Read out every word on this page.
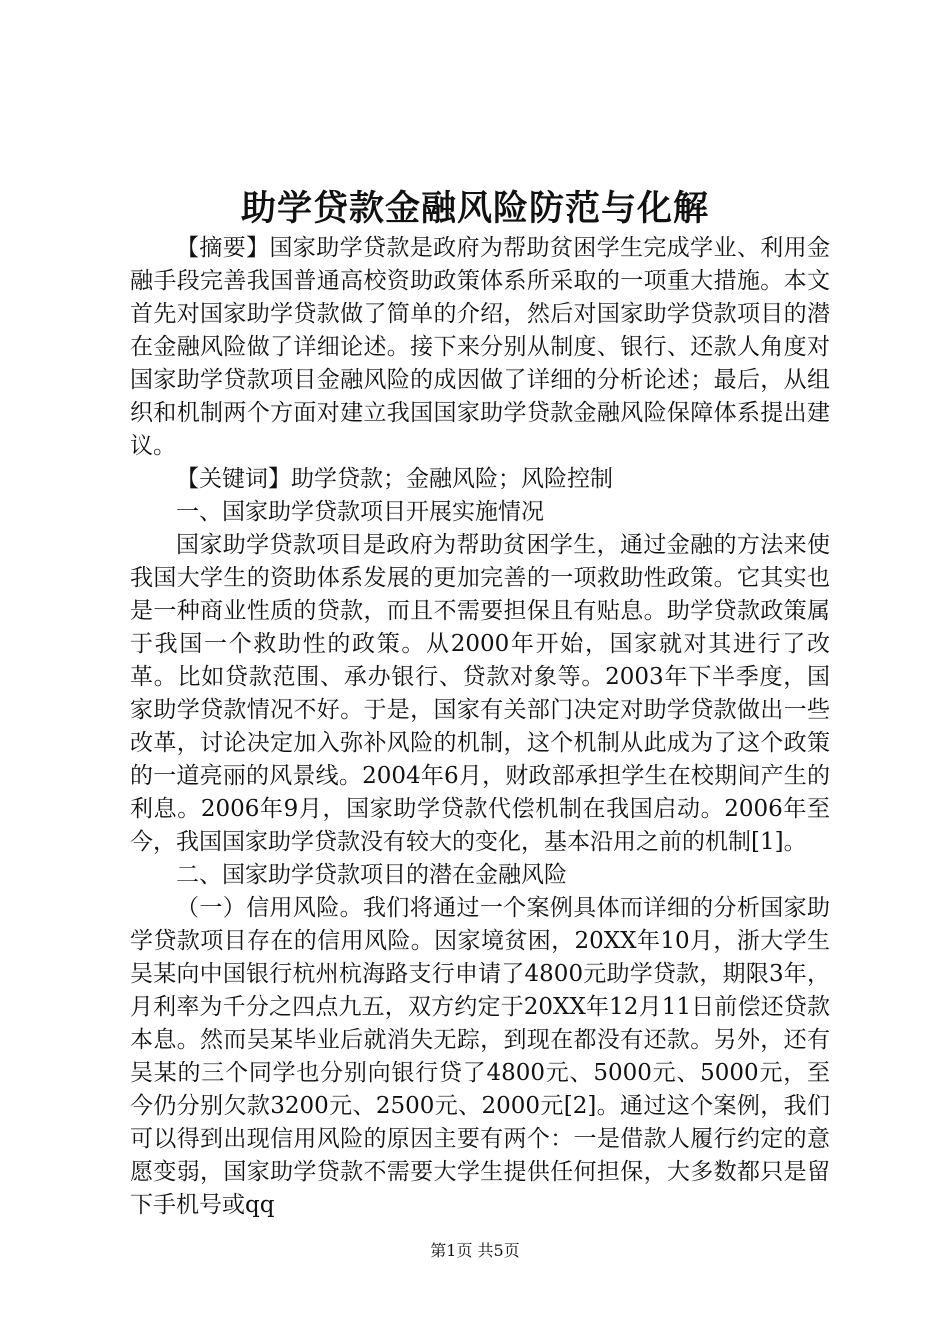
助学贷款金融风险防范与化解

【摘要】国家助学贷款是政府为帮助贫困学生完成学业、利用金融手段完善我国普通高校资助政策体系所采取的一项重大措施。本文首先对国家助学贷款做了简单的介绍，然后对国家助学贷款项目的潜在金融风险做了详细论述。接下来分别从制度、银行、还款人角度对国家助学贷款项目金融风险的成因做了详细的分析论述；最后，从组织和机制两个方面对建立我国国家助学贷款金融风险保障体系提出建议。

【关键词】助学贷款；金融风险；风险控制

一、国家助学贷款项目开展实施情况

国家助学贷款项目是政府为帮助贫困学生，通过金融的方法来使我国大学生的资助体系发展的更加完善的一项救助性政策。它其实也是一种商业性质的贷款，而且不需要担保且有贴息。助学贷款政策属于我国一个救助性的政策。从2000年开始，国家就对其进行了改革。比如贷款范围、承办银行、贷款对象等。2003年下半季度，国家助学贷款情况不好。于是，国家有关部门决定对助学贷款做出一些改革，讨论决定加入弥补风险的机制，这个机制从此成为了这个政策的一道亮丽的风景线。2004年6月，财政部承担学生在校期间产生的利息。2006年9月，国家助学贷款代偿机制在我国启动。2006年至今，我国国家助学贷款没有较大的变化，基本沿用之前的机制[1]。

二、国家助学贷款项目的潜在金融风险

（一）信用风险。我们将通过一个案例具体而详细的分析国家助学贷款项目存在的信用风险。因家境贫困，20XX年10月，浙大学生吴某向中国银行杭州杭海路支行申请了4800元助学贷款，期限3年，月利率为千分之四点九五，双方约定于20XX年12月11日前偿还贷款本息。然而吴某毕业后就消失无踪，到现在都没有还款。另外，还有吴某的三个同学也分别向银行贷了4800元、5000元、5000元，至今仍分别欠款3200元、2500元、2000元[2]。通过这个案例，我们可以得到出现信用风险的原因主要有两个：一是借款人履行约定的意愿变弱，国家助学贷款不需要大学生提供任何担保，大多数都只是留下手机号或qq

第1页 共5页
